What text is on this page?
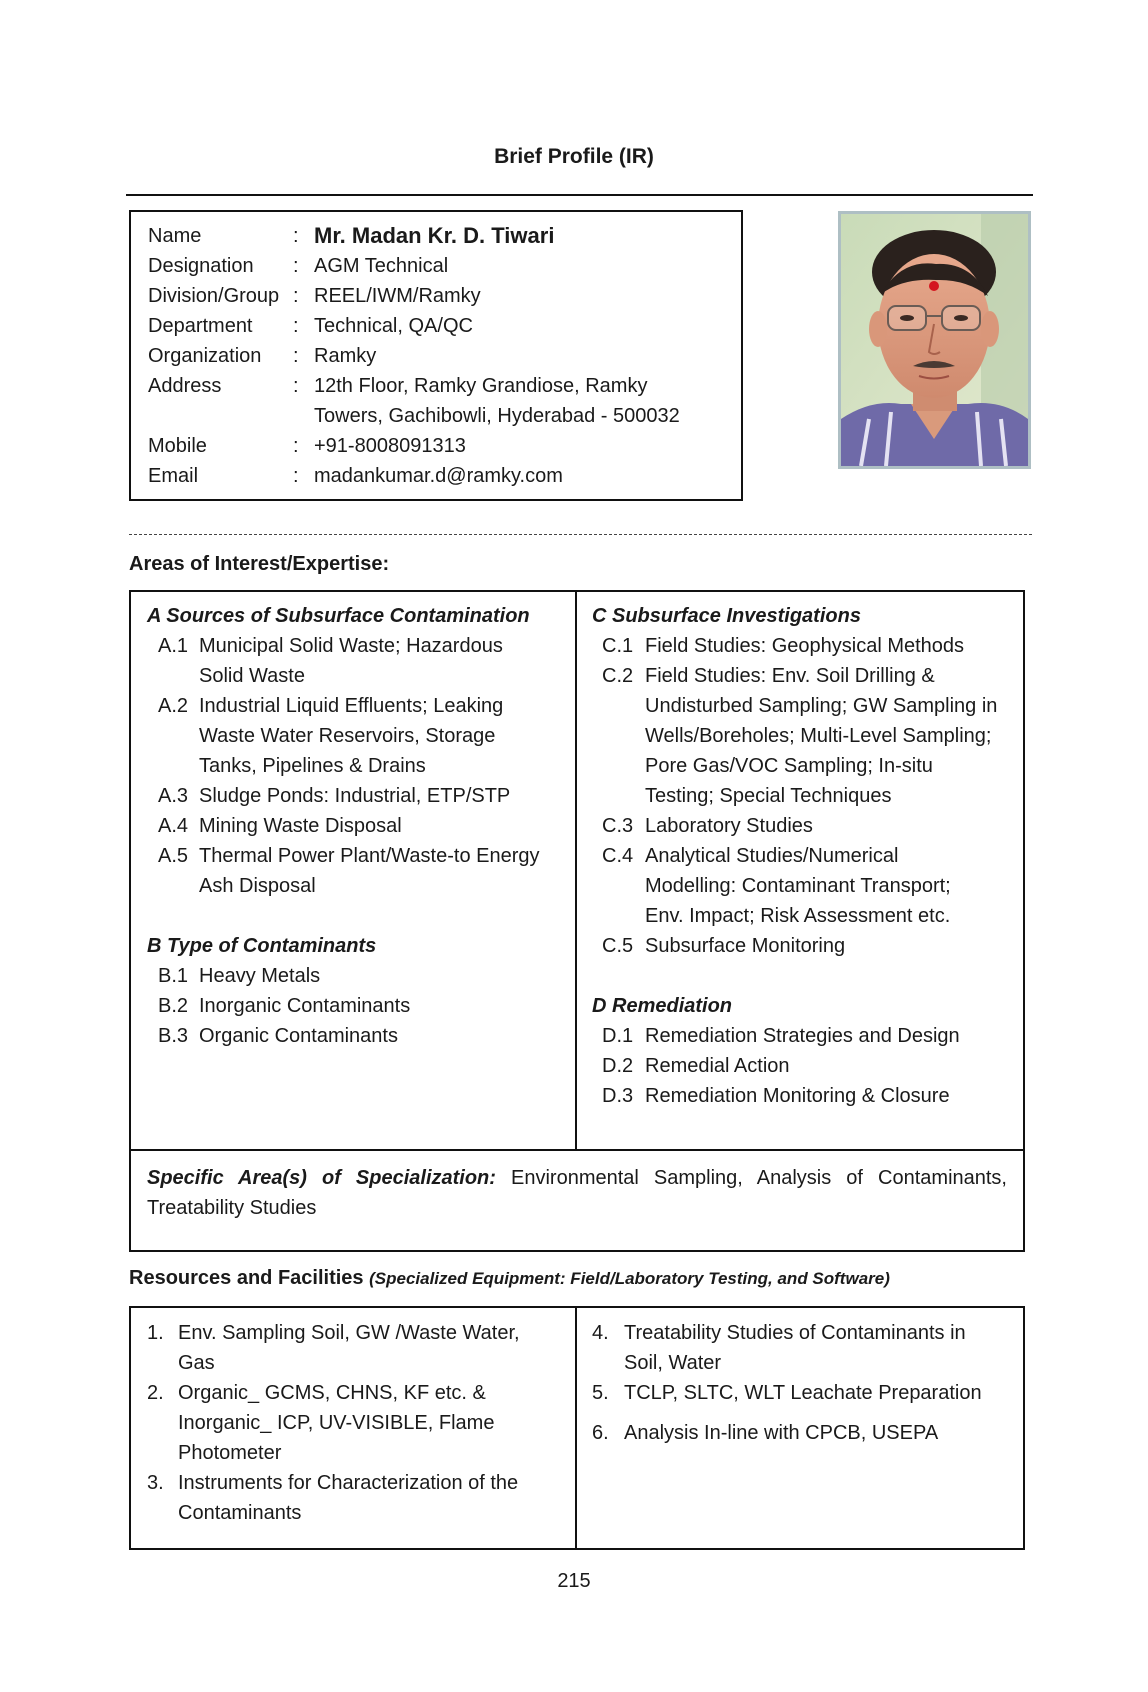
Brief Profile (IR)
Name	: Mr. Madan Kr. D. Tiwari
Designation	: AGM Technical
Division/Group : REEL/IWM/Ramky
Department	: Technical, QA/QC
Organization	: Ramky
Address	: 12th Floor, Ramky Grandiose, Ramky Towers, Gachibowli, Hyderabad - 500032
Mobile	: +91-8008091313
Email	: madankumar.d@ramky.com
Areas of Interest/Expertise:
A Sources of Subsurface Contamination
A.1 Municipal Solid Waste; Hazardous
Solid Waste
A.2 Industrial Liquid Effluents; Leaking
Waste Water Reservoirs, Storage
Tanks, Pipelines & Drains
A.3 Sludge Ponds: Industrial, ETP/STP
A.4 Mining Waste Disposal
A.5 Thermal Power Plant/Waste-to Energy
Ash Disposal
B Type of Contaminants
B.1 Heavy Metals
B.2 Inorganic Contaminants
B.3 Organic Contaminants
C Subsurface Investigations
C.1 Field Studies: Geophysical Methods
C.2 Field Studies: Env. Soil Drilling &
Undisturbed Sampling; GW Sampling in
Wells/Boreholes; Multi-Level Sampling;
Pore Gas/VOC Sampling; In-situ
Testing; Special Techniques
C.3 Laboratory Studies
C.4 Analytical Studies/Numerical
Modelling: Contaminant Transport;
Env. Impact; Risk Assessment etc.
C.5 Subsurface Monitoring
D Remediation
D.1 Remediation Strategies and Design
D.2 Remedial Action
D.3 Remediation Monitoring & Closure
Specific Area(s) of Specialization: Environmental Sampling, Analysis of Contaminants, Treatability Studies
Resources and Facilities (Specialized Equipment: Field/Laboratory Testing, and Software)
1. Env. Sampling Soil, GW /Waste Water,
Gas
2. Organic_ GCMS, CHNS, KF etc. &
Inorganic_ ICP, UV-VISIBLE, Flame
Photometer
3. Instruments for Characterization of the
Contaminants
4. Treatability Studies of Contaminants in
Soil, Water
5. TCLP, SLTC, WLT Leachate Preparation
6. Analysis In-line with CPCB, USEPA
215
